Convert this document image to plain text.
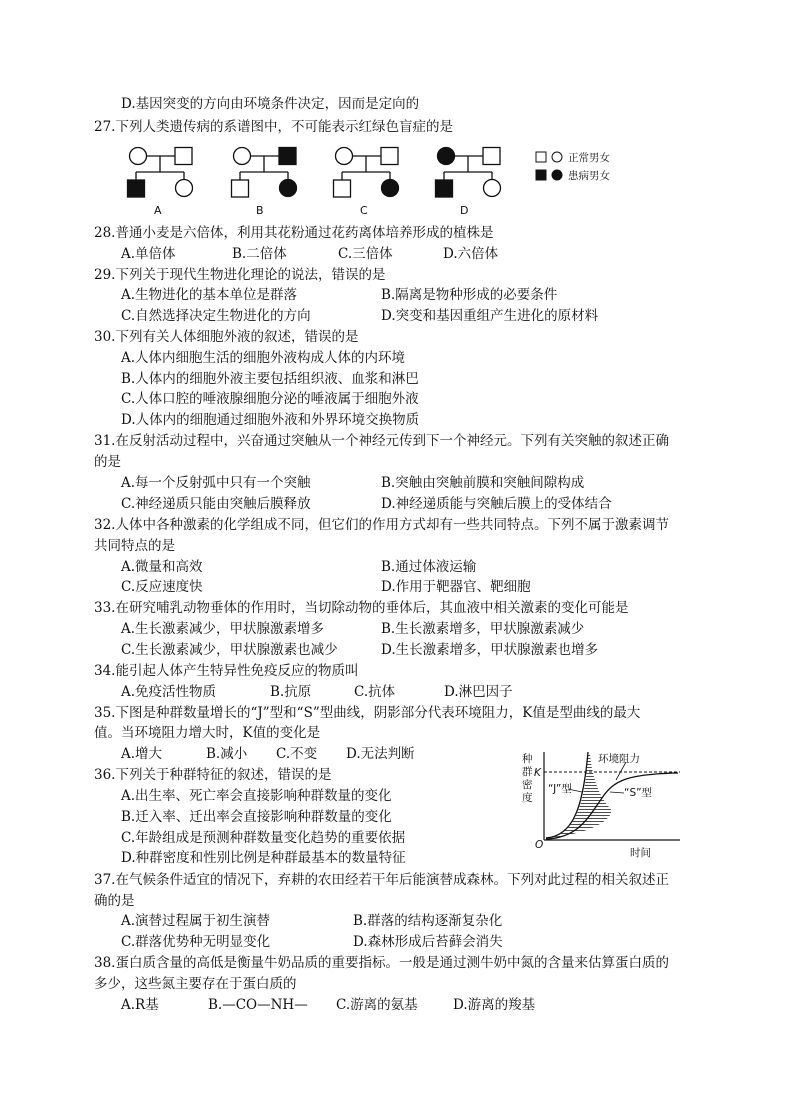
D.基因突变的方向由环境条件决定，因而是定向的
27.下列人类遗传病的系谱图中，不可能表示红绿色盲症的是
A	B	C	D
正常男女
患病男女
28.普通小麦是六倍体，利用其花粉通过花药离体培养形成的植株是
A.单倍体	B.二倍体	C.三倍体	D.六倍体
29.下列关于现代生物进化理论的说法，错误的是
A.生物进化的基本单位是群落	B.隔离是物种形成的必要条件
C.自然选择决定生物进化的方向	D.突变和基因重组产生进化的原材料
30.下列有关人体细胞外液的叙述，错误的是
A.人体内细胞生活的细胞外液构成人体的内环境
B.人体内的细胞外液主要包括组织液、血浆和淋巴
C.人体口腔的唾液腺细胞分泌的唾液属于细胞外液
D.人体内的细胞通过细胞外液和外界环境交换物质
31.在反射活动过程中，兴奋通过突触从一个神经元传到下一个神经元。下列有关突触的叙述正确
的是
A.每一个反射弧中只有一个突触	B.突触由突触前膜和突触间隙构成
C.神经递质只能由突触后膜释放	D.神经递质能与突触后膜上的受体结合
32.人体中各种激素的化学组成不同，但它们的作用方式却有一些共同特点。下列不属于激素调节
共同特点的是
A.微量和高效	B.通过体液运输
C.反应速度快	D.作用于靶器官、靶细胞
33.在研究哺乳动物垂体的作用时，当切除动物的垂体后，其血液中相关激素的变化可能是
A.生长激素减少，甲状腺激素增多	B.生长激素增多，甲状腺激素减少
C.生长激素减少，甲状腺激素也减少	D.生长激素增多，甲状腺激素也增多
34.能引起人体产生特异性免疫反应的物质叫
A.免疫活性物质	B.抗原	C.抗体	D.淋巴因子
35.下图是种群数量增长的“J”型和“S”型曲线，阴影部分代表环境阻力，K值是型曲线的最大
值。当环境阻力增大时，K值的变化是
A.增大	B.减小 C.不变 D.无法判断	种
群
密
度
K
O
环境阻力
“J”型	“S”型
时间
36.下列关于种群特征的叙述，错误的是
A.出生率、死亡率会直接影响种群数量的变化
B.迁入率、迁出率会直接影响种群数量的变化
C.年龄组成是预测种群数量变化趋势的重要依据
D.种群密度和性别比例是种群最基本的数量特征
37.在气候条件适宜的情况下，弃耕的农田经若干年后能演替成森林。下列对此过程的相关叙述正
确的是
A.演替过程属于初生演替	B.群落的结构逐渐复杂化
C.群落优势种无明显变化	D.森林形成后苔藓会消失
38.蛋白质含量的高低是衡量牛奶品质的重要指标。一般是通过测牛奶中氮的含量来估算蛋白质的
多少，这些氮主要存在于蛋白质的
A.R基	B.—CO—NH— C.游离的氨基	D.游离的羧基
